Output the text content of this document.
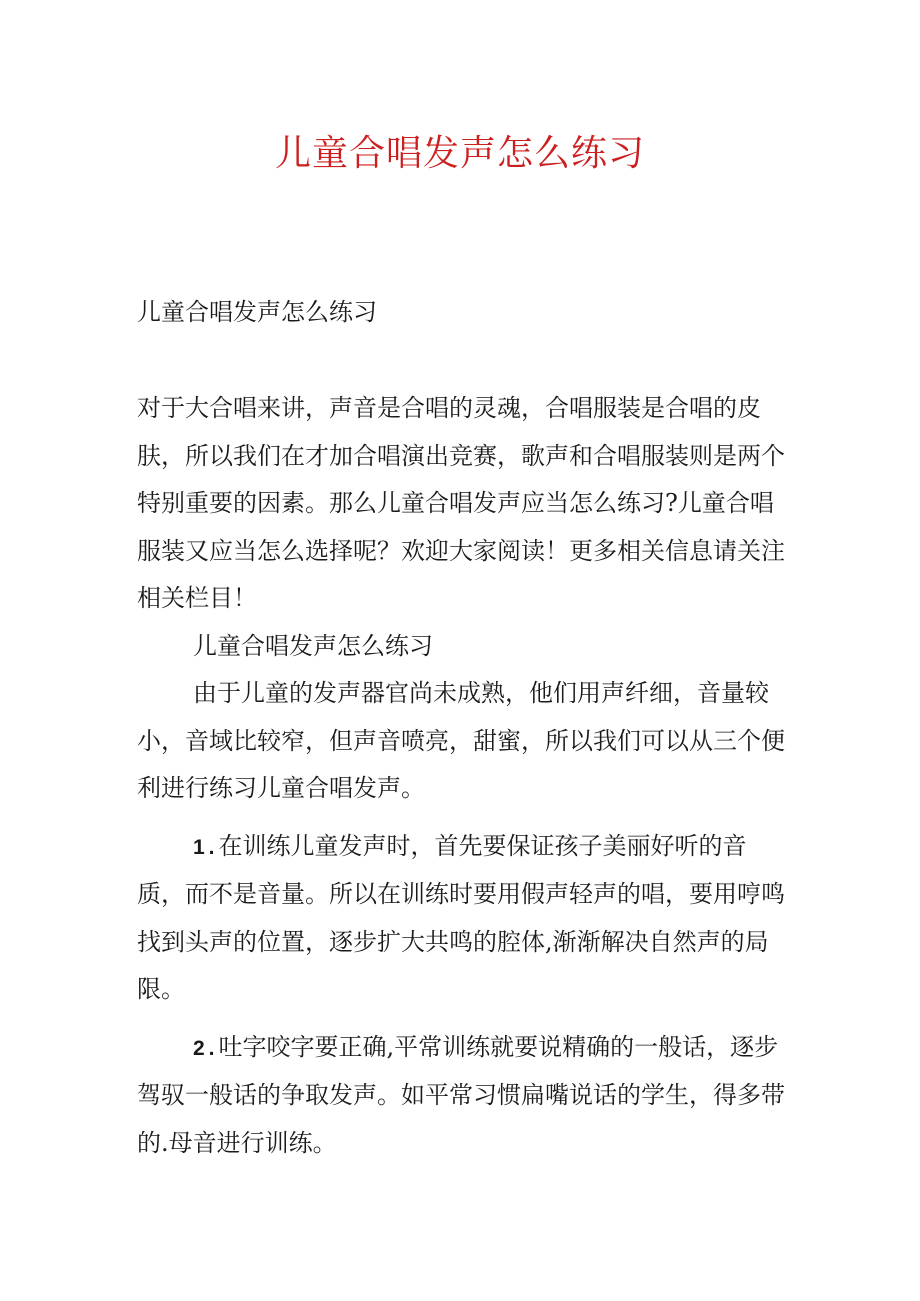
儿童合唱发声怎么练习

儿童合唱发声怎么练习

对于大合唱来讲，声音是合唱的灵魂，合唱服装是合唱的皮肤，所以我们在才加合唱演出竞赛，歌声和合唱服装则是两个特别重要的因素。那么儿童合唱发声应当怎么练习?儿童合唱服装又应当怎么选择呢？欢迎大家阅读！更多相关信息请关注相关栏目！

儿童合唱发声怎么练习

由于儿童的发声器官尚未成熟，他们用声纤细，音量较小，音域比较窄，但声音喷亮，甜蜜，所以我们可以从三个便利进行练习儿童合唱发声。

1.在训练儿童发声时，首先要保证孩子美丽好听的音质，而不是音量。所以在训练时要用假声轻声的唱，要用哼鸣找到头声的位置，逐步扩大共鸣的腔体,渐渐解决自然声的局限。

2.吐字咬字要正确,平常训练就要说精确的一般话，逐步驾驭一般话的争取发声。如平常习惯扁嘴说话的学生，得多带的.母音进行训练。
